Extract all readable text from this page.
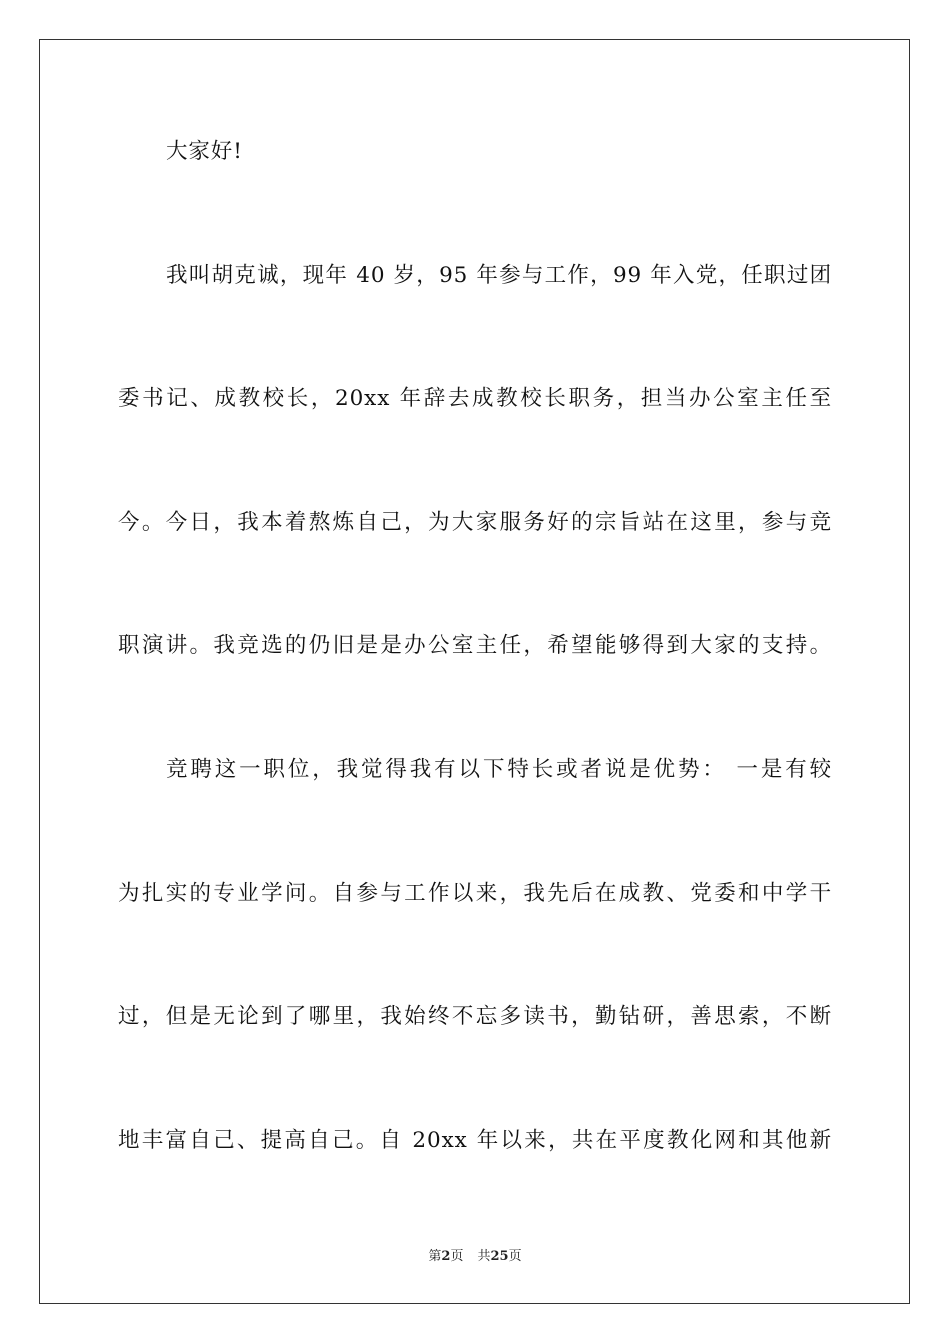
大家好!
我叫胡克诚，现年 40 岁，95 年参与工作，99 年入党，任职过团
委书记、成教校长，20xx 年辞去成教校长职务，担当办公室主任至
今。今日，我本着熬炼自己，为大家服务好的宗旨站在这里，参与竞
职演讲。我竞选的仍旧是是办公室主任，希望能够得到大家的支持。
竞聘这一职位，我觉得我有以下特长或者说是优势： 一是有较
为扎实的专业学问。自参与工作以来，我先后在成教、党委和中学干
过，但是无论到了哪里，我始终不忘多读书，勤钻研，善思索，不断
地丰富自己、提高自己。自 20xx 年以来，共在平度教化网和其他新
第2页 共25页
